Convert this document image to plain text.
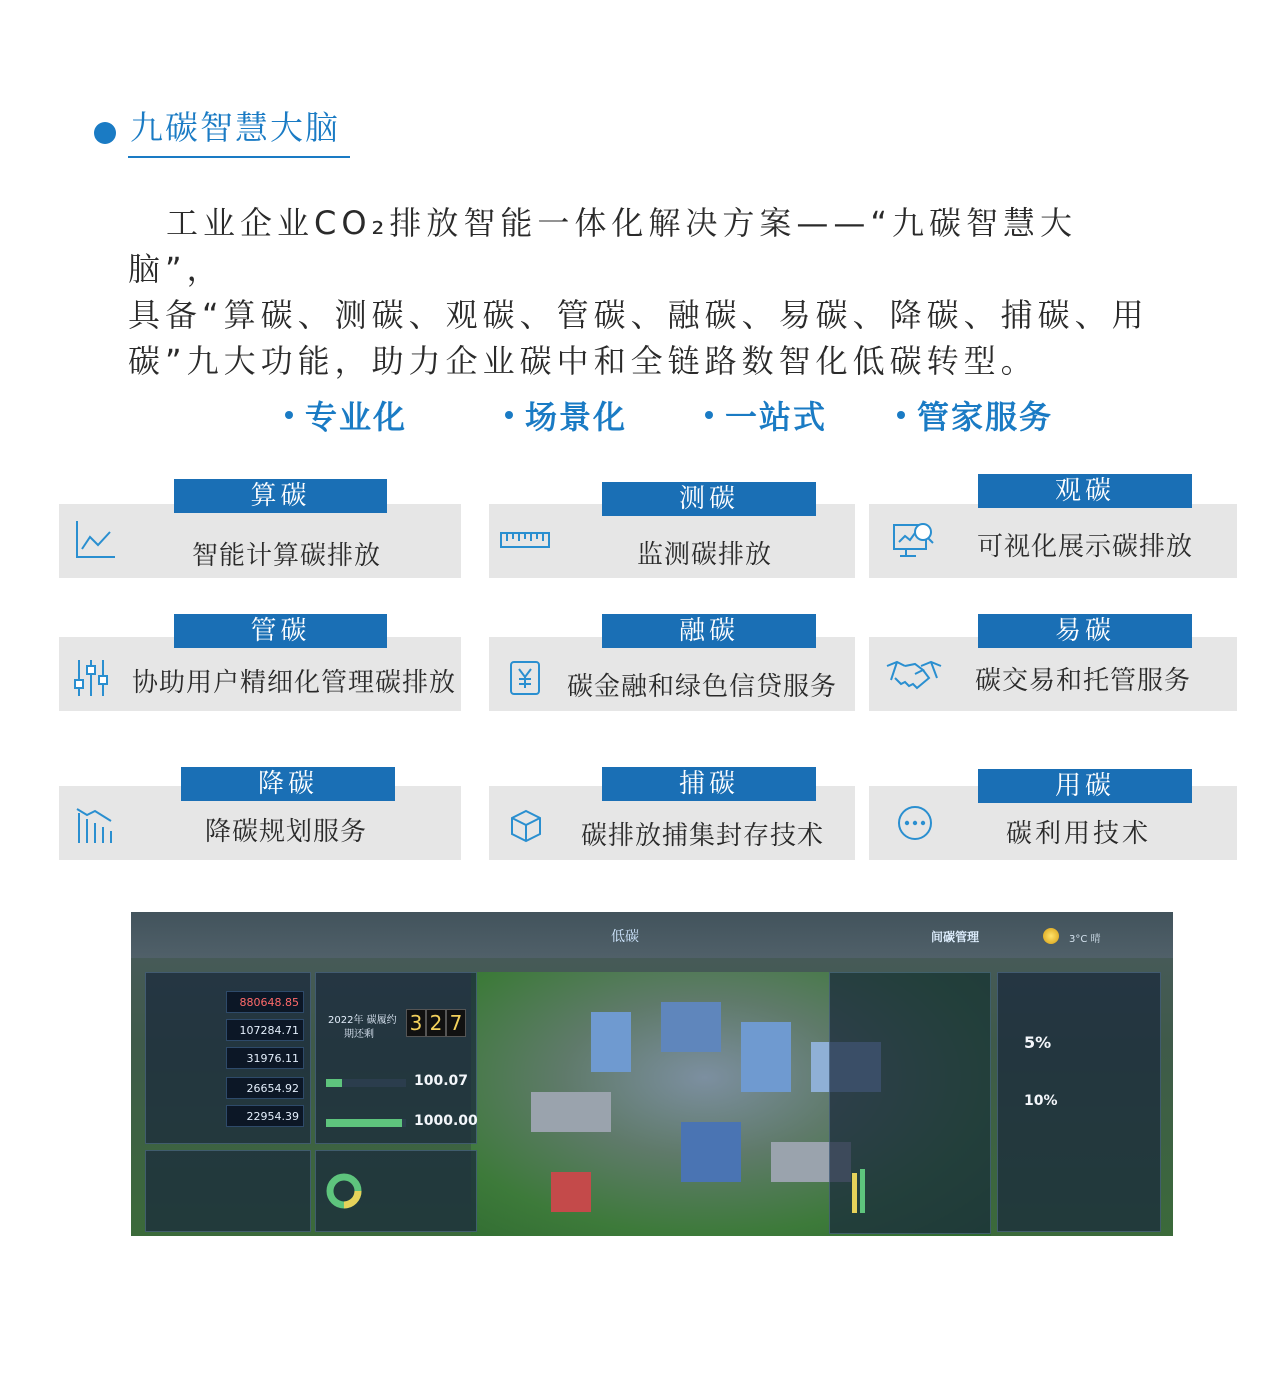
九碳智慧大脑
工业企业CO₂排放智能一体化解决方案——“九碳智慧大脑”，
具备“算碳、测碳、观碳、管碳、融碳、易碳、降碳、捕碳、用
碳”九大功能，助力企业碳中和全链路数智化低碳转型。
专业化	场景化	一站式	管家服务
算碳
智能计算碳排放
测碳
监测碳排放
观碳
可视化展示碳排放
管碳
协助用户精细化管理碳排放
融碳
碳金融和绿色信贷服务
易碳
碳交易和托管服务
降碳
降碳规划服务
捕碳
碳排放捕集封存技术
用碳
碳利用技术
低碳	间碳管理	3°C 晴
880648.85
107284.71
31976.11
26654.92
22954.39
2022年 碳履约
期还剩 3 2 7
100.07
1000.00
5%
10%
